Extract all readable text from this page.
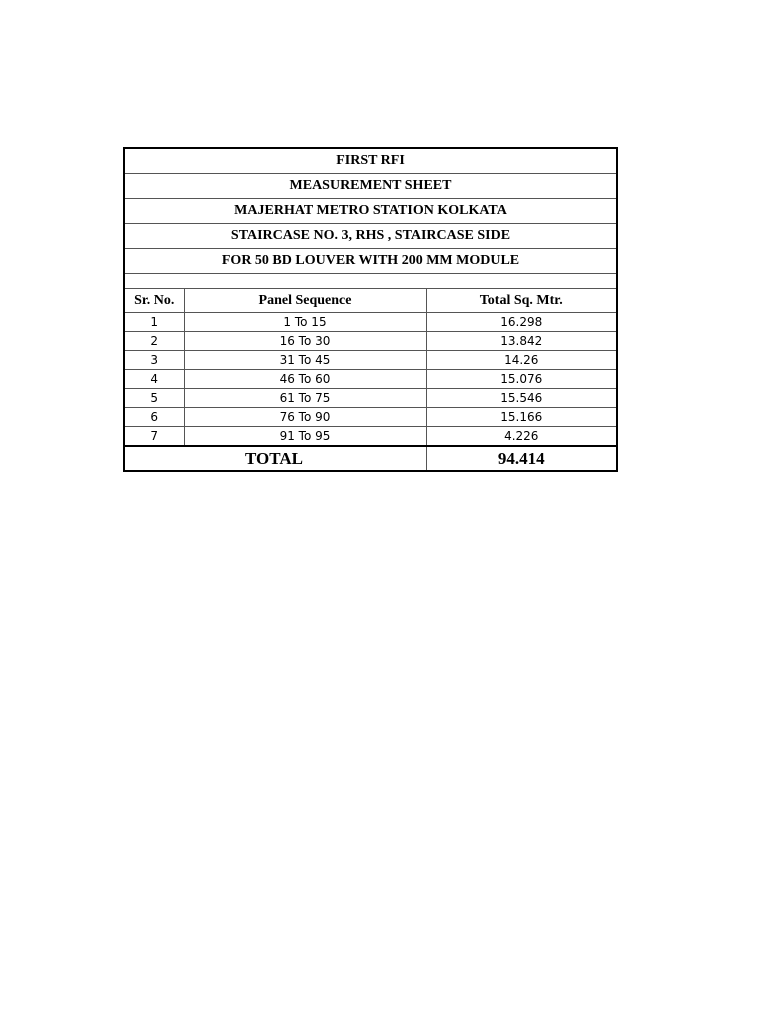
FIRST RFI		
MEASUREMENT SHEET		
MAJERHAT METRO STATION KOLKATA		
STAIRCASE NO. 3, RHS , STAIRCASE SIDE		
FOR 50 BD LOUVER WITH 200 MM MODULE		

Sr. No.	Panel Sequence	Total Sq. Mtr.
1	1 To 15	16.298
2	16 To 30	13.842
3	31 To 45	14.26
4	46 To 60	15.076
5	61 To 75	15.546
6	76 To 90	15.166
7	91 To 95	4.226
TOTAL		94.414
